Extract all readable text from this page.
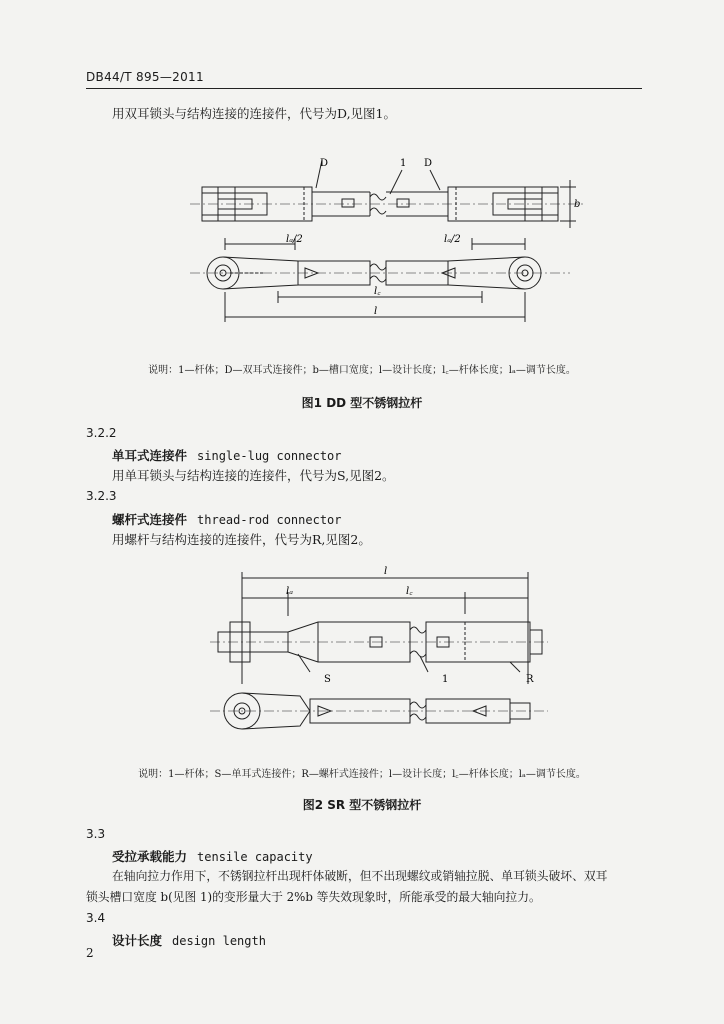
DB44/T 895—2011
用双耳锁头与结构连接的连接件，代号为D,见图1。
D	1 D
b
lₐ/2	lₐ/2
l꜀
l
说明：1—杆体；D—双耳式连接件；b—槽口宽度；l—设计长度；l꜀—杆体长度；lₐ—调节长度。
图1 DD 型不锈钢拉杆
3.2.2
单耳式连接件 single-lug connector
用单耳锁头与结构连接的连接件，代号为S,见图2。
3.2.3
螺杆式连接件 thread-rod connector
用螺杆与结构连接的连接件，代号为R,见图2。
l
lₐ	l꜀
S	1	R
说明：1—杆体；S—单耳式连接件；R—螺杆式连接件；l—设计长度；l꜀—杆体长度；lₐ—调节长度。
图2 SR 型不锈钢拉杆
3.3
受拉承载能力 tensile capacity
在轴向拉力作用下，不锈钢拉杆出现杆体破断，但不出现螺纹或销轴拉脱、单耳锁头破坏、双耳
锁头槽口宽度 b(见图 1)的变形量大于 2%b 等失效现象时，所能承受的最大轴向拉力。
3.4
设计长度 design length
2
